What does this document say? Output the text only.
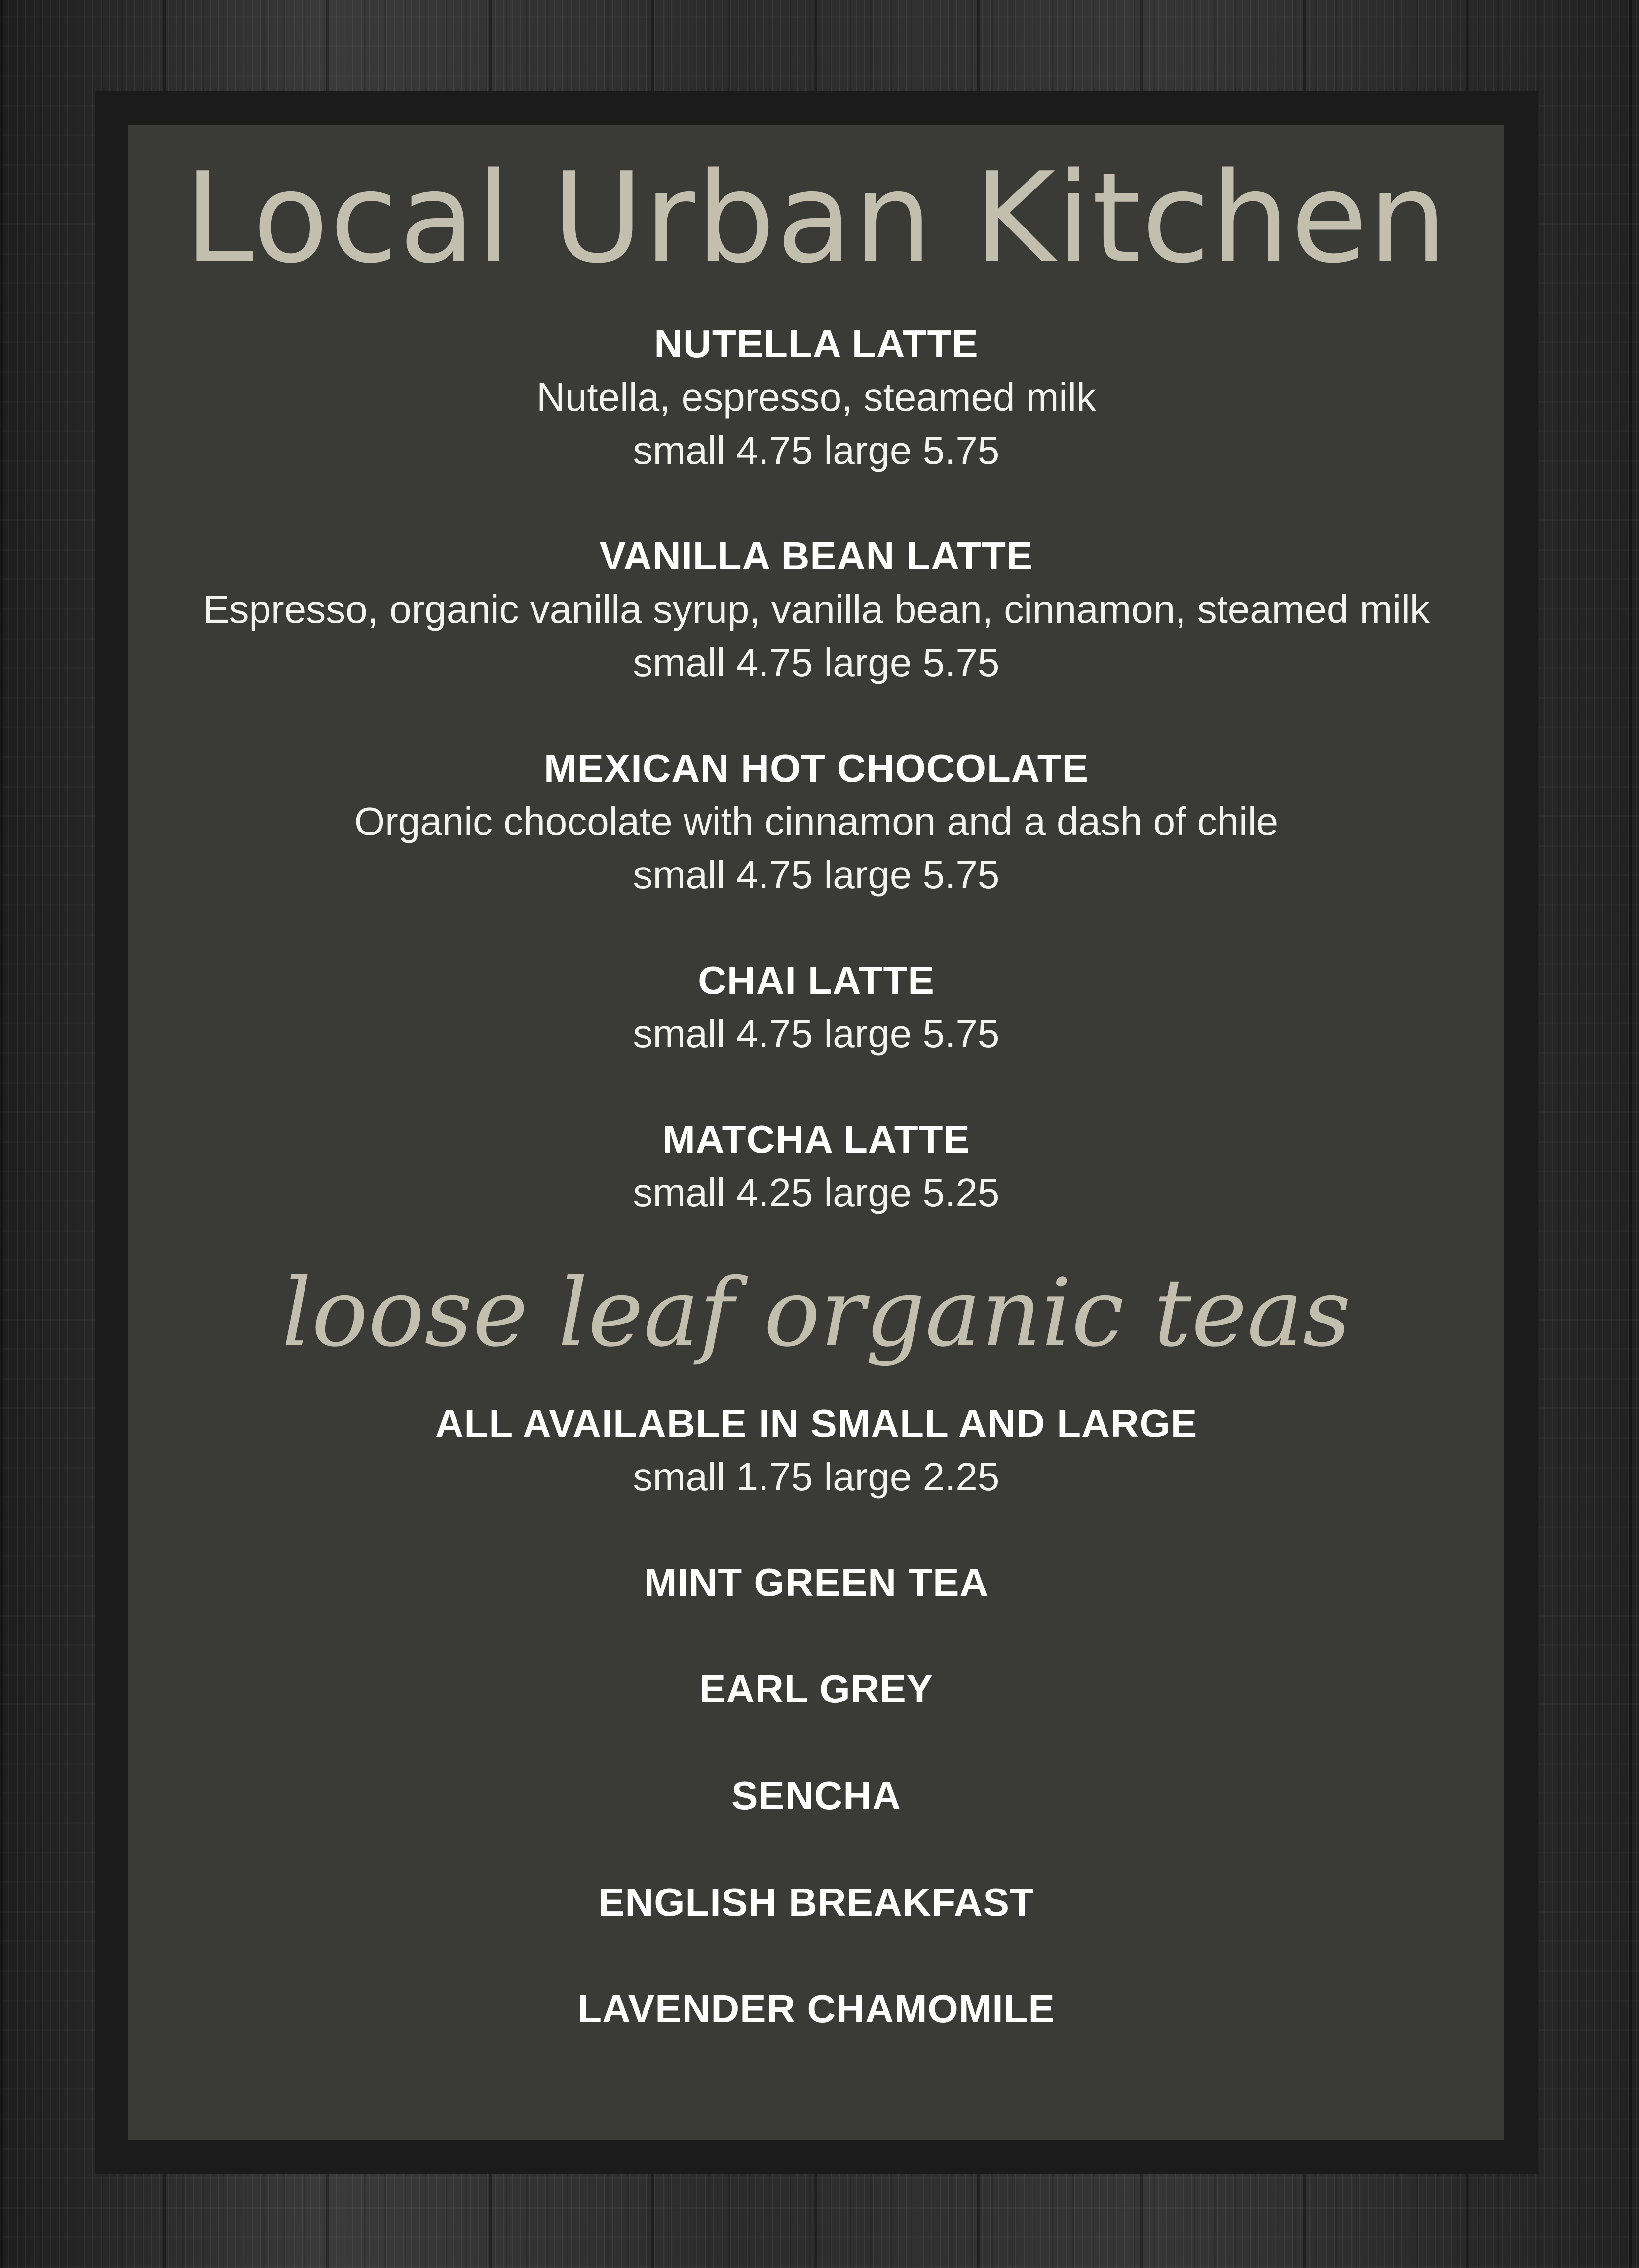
Local Urban Kitchen
NUTELLA LATTE
Nutella, espresso, steamed milk
small 4.75 large 5.75
VANILLA BEAN LATTE
Espresso, organic vanilla syrup, vanilla bean, cinnamon, steamed milk
small 4.75 large 5.75
MEXICAN HOT CHOCOLATE
Organic chocolate with cinnamon and a dash of chile
small 4.75 large 5.75
CHAI LATTE
small 4.75 large 5.75
MATCHA LATTE
small 4.25 large 5.25
loose leaf organic teas
ALL AVAILABLE IN SMALL AND LARGE
small 1.75 large 2.25
MINT GREEN TEA
EARL GREY
SENCHA
ENGLISH BREAKFAST
LAVENDER CHAMOMILE
